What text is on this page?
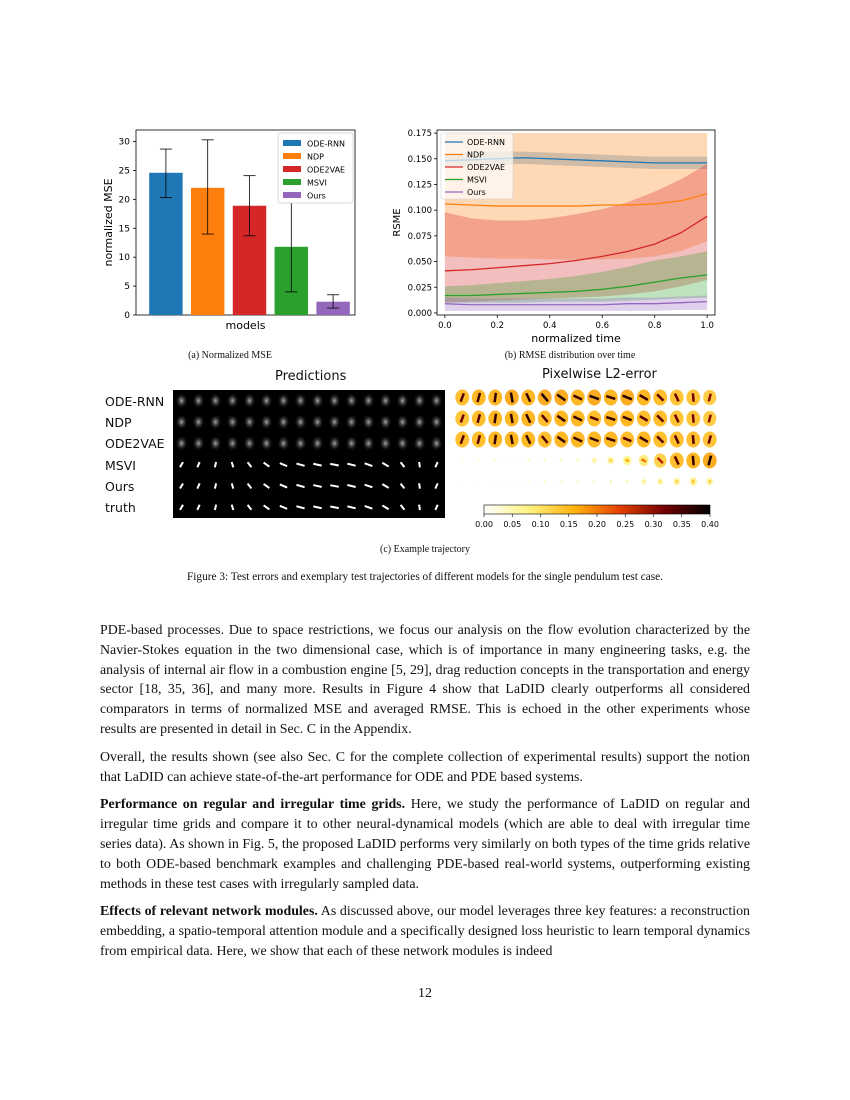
0
5
10
15
20
25
30
models
normalized MSE
ODE-RNN
NDP
ODE2VAE
MSVI
Ours
(a) Normalized MSE
0.000
0.025
0.050
0.075
0.100
0.125
0.150
0.175
0.0	0.2	0.4	0.6	0.8	1.0
normalized time
RSME
ODE-RNN
NDP
ODE2VAE
MSVI
Ours
(b) RMSE distribution over time
Predictions	Pixelwise L2-error
ODE-RNN
NDP
ODE2VAE
MSVI
Ours
truth
0.00 0.05 0.10 0.15 0.20 0.25 0.30 0.35 0.40
(c) Example trajectory
Figure 3: Test errors and exemplary test trajectories of different models for the single pendulum test case.

PDE-based processes. Due to space restrictions, we focus our analysis on the flow evolution characterized by the Navier-Stokes equation in the two dimensional case, which is of importance in many engineering tasks, e.g. the analysis of internal air flow in a combustion engine [5, 29], drag reduction concepts in the transportation and energy sector [18, 35, 36], and many more. Results in Figure 4 show that LaDID clearly outperforms all considered comparators in terms of normalized MSE and averaged RMSE. This is echoed in the other experiments whose results are presented in detail in Sec. C in the Appendix.

Overall, the results shown (see also Sec. C for the complete collection of experimental results) support the notion that LaDID can achieve state-of-the-art performance for ODE and PDE based systems.

Performance on regular and irregular time grids. Here, we study the performance of LaDID on regular and irregular time grids and compare it to other neural-dynamical models (which are able to deal with irregular time series data). As shown in Fig. 5, the proposed LaDID performs very similarly on both types of the time grids relative to both ODE-based benchmark examples and challenging PDE-based real-world systems, outperforming existing methods in these test cases with irregularly sampled data.

Effects of relevant network modules. As discussed above, our model leverages three key features: a reconstruction embedding, a spatio-temporal attention module and a specifically designed loss heuristic to learn temporal dynamics from empirical data. Here, we show that each of these network modules is indeed

12
